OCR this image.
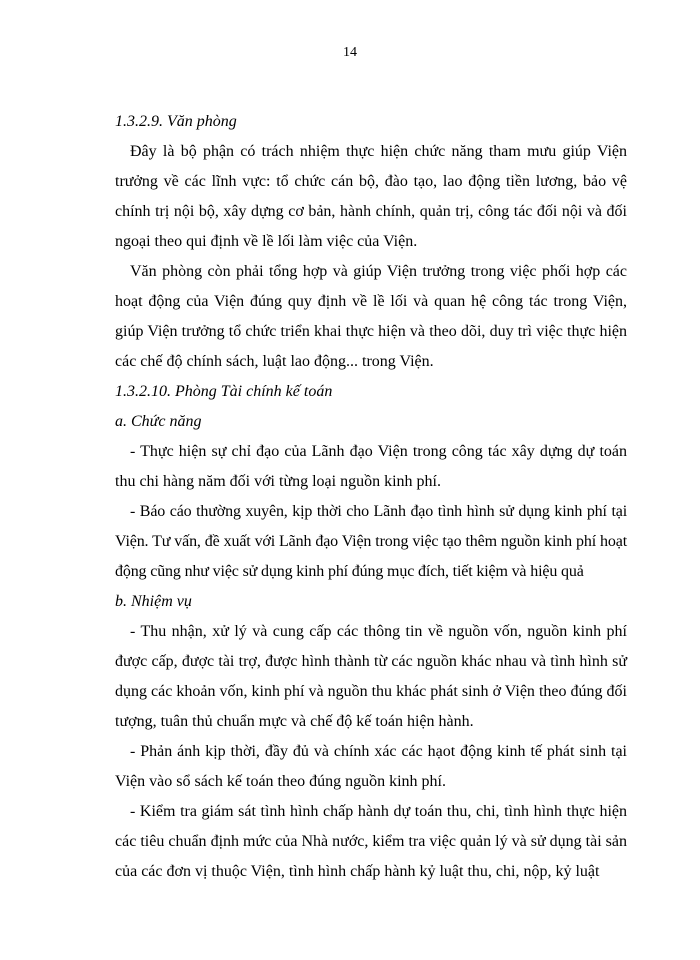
14

1.3.2.9. Văn phòng

Đây là bộ phận có trách nhiệm thực hiện chức năng tham mưu giúp Viện trưởng về các lĩnh vực: tổ chức cán bộ, đào tạo, lao động tiền lương, bảo vệ chính trị nội bộ, xây dựng cơ bản, hành chính, quản trị, công tác đối nội và đối ngoại theo qui định về lề lối làm việc của Viện.

Văn phòng còn phải tổng hợp và giúp Viện trưởng trong việc phối hợp các hoạt động của Viện đúng quy định về lề lối và quan hệ công tác trong Viện, giúp Viện trưởng tổ chức triển khai thực hiện và theo dõi, duy trì việc thực hiện các chế độ chính sách, luật lao động... trong Viện.

1.3.2.10. Phòng Tài chính kế toán

a. Chức năng

- Thực hiện sự chỉ đạo của Lãnh đạo Viện trong công tác xây dựng dự toán thu chi hàng năm đối với từng loại nguồn kinh phí.

- Báo cáo thường xuyên, kịp thời cho Lãnh đạo tình hình sử dụng kinh phí tại Viện. Tư vấn, đề xuất với Lãnh đạo Viện trong việc tạo thêm nguồn kinh phí hoạt động cũng như việc sử dụng kinh phí đúng mục đích, tiết kiệm và hiệu quả

b. Nhiệm vụ

- Thu nhận, xử lý và cung cấp các thông tin về nguồn vốn, nguồn kinh phí được cấp, được tài trợ, được hình thành từ các nguồn khác nhau và tình hình sử dụng các khoản vốn, kinh phí và nguồn thu khác phát sinh ở Viện theo đúng đối tượng, tuân thủ chuẩn mực và chế độ kế toán hiện hành.

- Phản ánh kịp thời, đầy đủ và chính xác các hạot động kinh tế phát sinh tại Viện vào sổ sách kế toán theo đúng nguồn kinh phí.

- Kiểm tra giám sát tình hình chấp hành dự toán thu, chi, tình hình thực hiện các tiêu chuẩn định mức của Nhà nước, kiểm tra việc quản lý và sử dụng tài sản của các đơn vị thuộc Viện, tình hình chấp hành kỷ luật thu, chi, nộp, kỷ luật
